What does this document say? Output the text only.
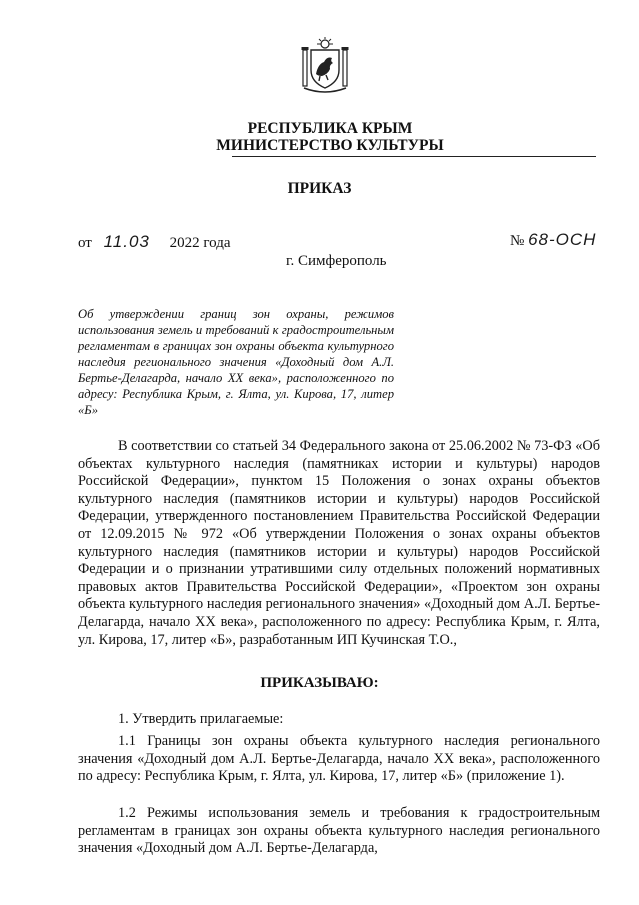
РЕСПУБЛИКА КРЫМ
МИНИСТЕРСТВО КУЛЬТУРЫ
ПРИКАЗ
от 11.03 2022 года	№ 68-ОСН
г. Симферополь
Об утверждении границ зон охраны, режимов использования земель и требований к градостроительным регламентам в границах зон охраны объекта культурного наследия регионального значения «Доходный дом А.Л. Бертье-Делагарда, начало XX века», расположенного по адресу: Республика Крым, г. Ялта, ул. Кирова, 17, литер «Б»
В соответствии со статьей 34 Федерального закона от 25.06.2002 № 73-ФЗ «Об объектах культурного наследия (памятниках истории и культуры) народов Российской Федерации», пунктом 15 Положения о зонах охраны объектов культурного наследия (памятников истории и культуры) народов Российской Федерации, утвержденного постановлением Правительства Российской Федерации от 12.09.2015 № 972 «Об утверждении Положения о зонах охраны объектов культурного наследия (памятников истории и культуры) народов Российской Федерации и о признании утратившими силу отдельных положений нормативных правовых актов Правительства Российской Федерации», «Проектом зон охраны объекта культурного наследия регионального значения» «Доходный дом А.Л. Бертье-Делагарда, начало XX века», расположенного по адресу: Республика Крым, г. Ялта, ул. Кирова, 17, литер «Б», разработанным ИП Кучинская Т.О.,
ПРИКАЗЫВАЮ:
1. Утвердить прилагаемые:
1.1 Границы зон охраны объекта культурного наследия регионального значения «Доходный дом А.Л. Бертье-Делагарда, начало XX века», расположенного по адресу: Республика Крым, г. Ялта, ул. Кирова, 17, литер «Б» (приложение 1).
1.2 Режимы использования земель и требования к градостроительным регламентам в границах зон охраны объекта культурного наследия регионального значения «Доходный дом А.Л. Бертье-Делагарда,
